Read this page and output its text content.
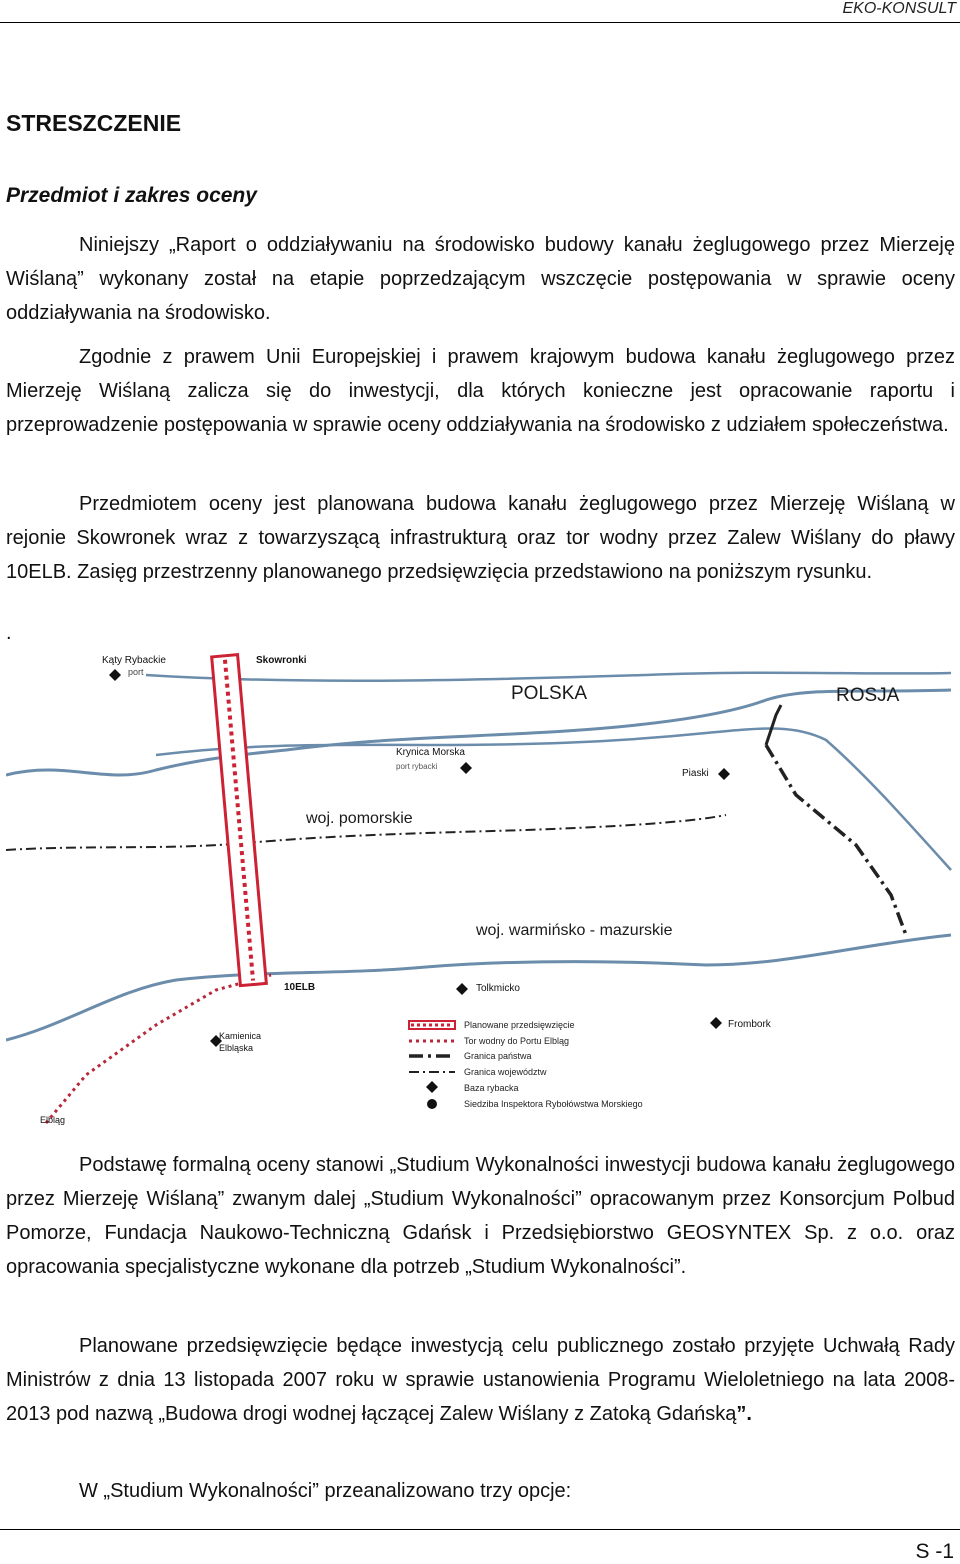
EKO-KONSULT
STRESZCZENIE
Przedmiot i zakres oceny

Niniejszy „Raport o oddziaływaniu na środowisko budowy kanału żeglugowego przez Mierzeję Wiślaną” wykonany został na etapie poprzedzającym wszczęcie postępowania w sprawie oceny oddziaływania na środowisko.

Zgodnie z prawem Unii Europejskiej i prawem krajowym budowa kanału żeglugowego przez Mierzeję Wiślaną zalicza się do inwestycji, dla których konieczne jest opracowanie raportu i przeprowadzenie postępowania w sprawie oceny oddziaływania na środowisko z udziałem społeczeństwa.

Przedmiotem oceny jest planowana budowa kanału żeglugowego przez Mierzeję Wiślaną w rejonie Skowronek wraz z towarzyszącą infrastrukturą oraz tor wodny przez Zalew Wiślany do pławy 10ELB. Zasięg przestrzenny planowanego przedsięwzięcia przedstawiono na poniższym rysunku.

.
POLSKA	ROSJA
woj. pomorskie
woj. warmińsko - mazurskie
Kąty Rybackie
port
Skowronki
Krynica Morska
port rybacki
Piaski
Tolkmicko
Frombork
Kamienica
Elbląska
10ELB
Elbląg
Planowane przedsięwzięcie
Tor wodny do Portu Elbląg
Granica państwa
Granica województw
Baza rybacka
Siedziba Inspektora Rybołówstwa Morskiego

Podstawę formalną oceny stanowi „Studium Wykonalności inwestycji budowa kanału żeglugowego przez Mierzeję Wiślaną” zwanym dalej „Studium Wykonalności” opracowanym przez Konsorcjum Polbud Pomorze, Fundacja Naukowo-Techniczną Gdańsk i Przedsiębiorstwo GEOSYNTEX Sp. z o.o. oraz opracowania specjalistyczne wykonane dla potrzeb „Studium Wykonalności”.

Planowane przedsięwzięcie będące inwestycją celu publicznego zostało przyjęte Uchwałą Rady Ministrów z dnia 13 listopada 2007 roku w sprawie ustanowienia Programu Wieloletniego na lata 2008-2013 pod nazwą „Budowa drogi wodnej łączącej Zalew Wiślany z Zatoką Gdańską”.

W „Studium Wykonalności” przeanalizowano trzy opcje:

S -1
